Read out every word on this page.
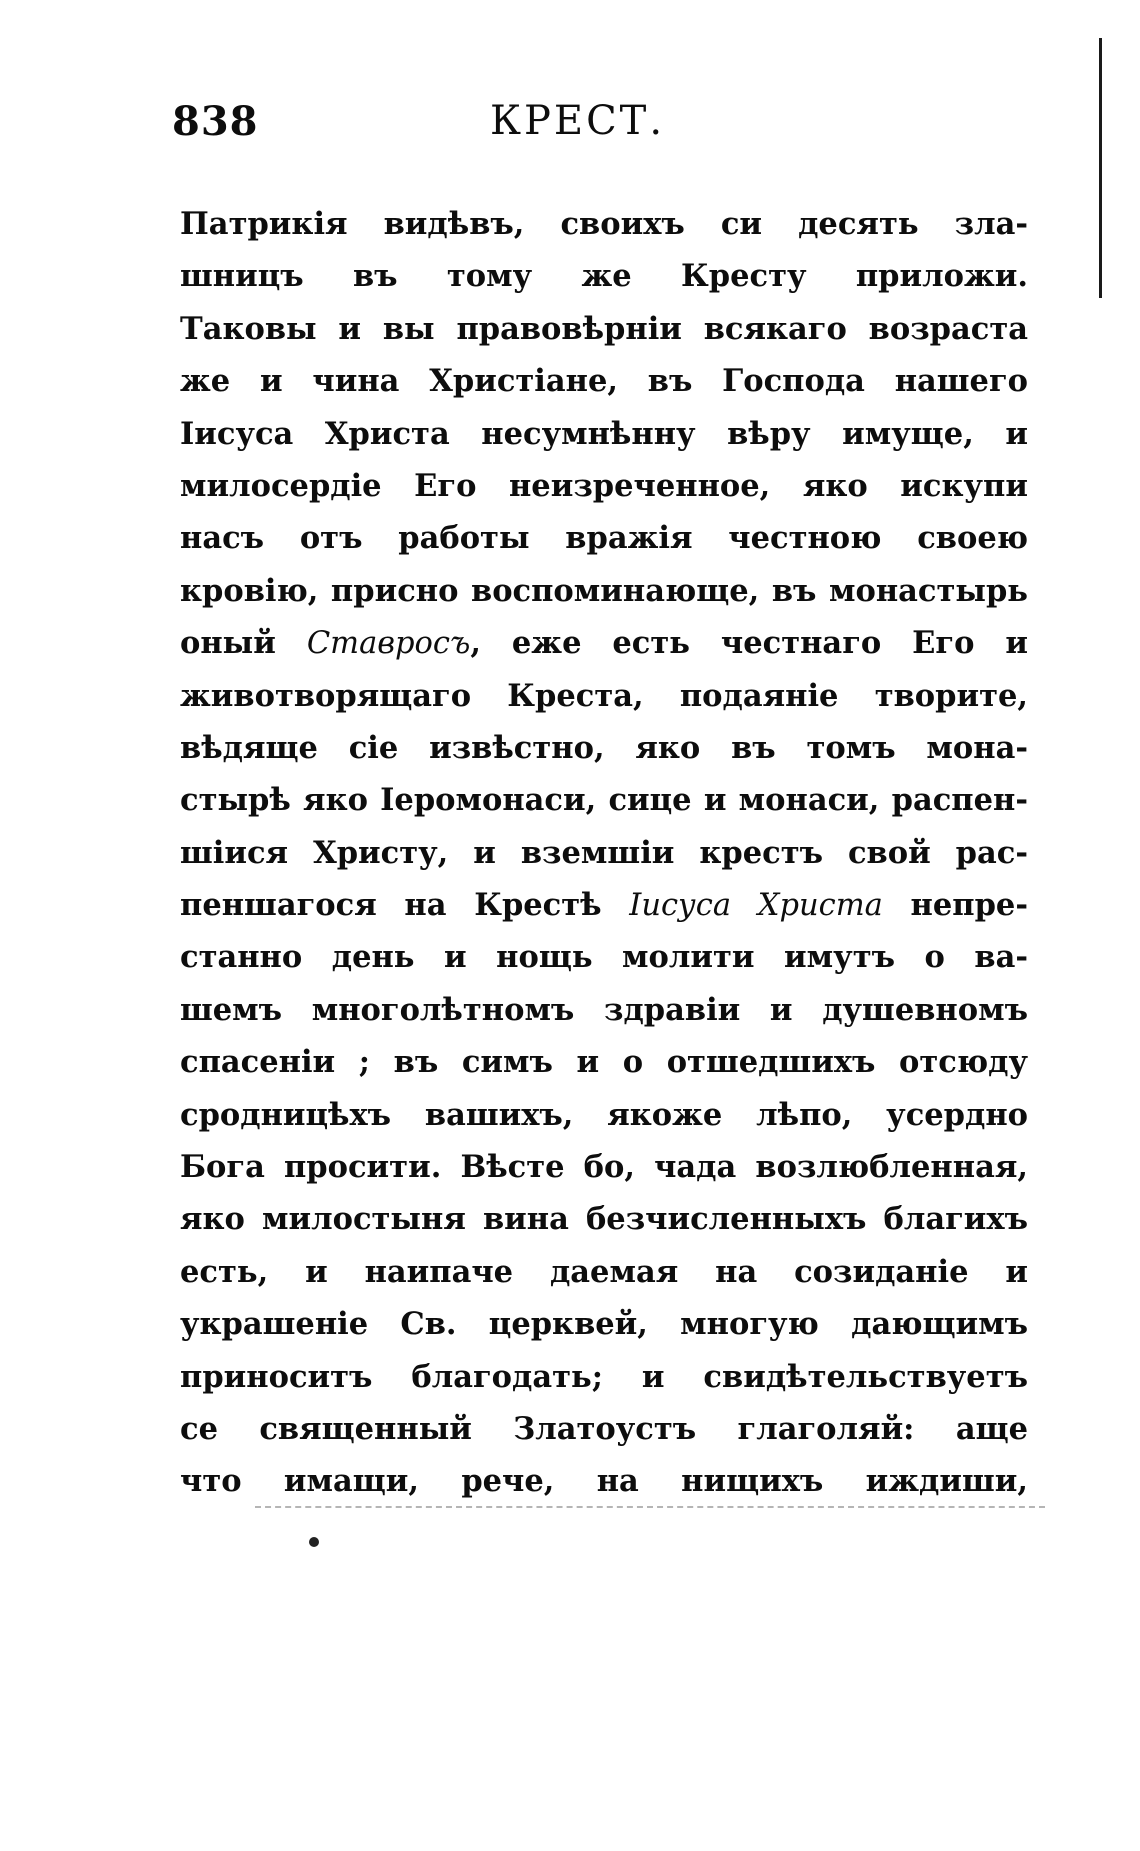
838	КРЕСТ.
Патрикія видѣвъ, своихъ си десять зла-
шницъ въ тому же Кресту приложи.
Таковы и вы правовѣрніи всякаго возраста
же и чина Христіане, въ Господа нашего
Іисуса Христа несумнѣнну вѣру имуще, и
милосердіе Его неизреченное, яко искупи
насъ отъ работы вражія честною своею
кровію, присно воспоминающе, въ монастырь
оный Ставросъ, еже есть честнаго Его и
животворящаго Креста, подаяніе творите,
вѣдяще сіе извѣстно, яко въ томъ мона-
стырѣ яко Іеромонаси, сице и монаси, распен-
шіися Христу, и вземшіи крестъ свой рас-
пеншагося на Крестѣ Іисуса Христа непре-
станно день и нощь молити имутъ о ва-
шемъ многолѣтномъ здравіи и душевномъ
спасеніи ; въ симъ и о отшедшихъ отсюду
сродницѣхъ вашихъ, якоже лѣпо, усердно
Бога просити. Вѣсте бо, чада возлюбленная,
яко милостыня вина безчисленныхъ благихъ
есть, и наипаче даемая на созиданіе и
украшеніе Св. церквей, многую дающимъ
приноситъ благодать; и свидѣтельствуетъ
се священный Златоустъ глаголяй: аще
что имащи, рече, на нищихъ иждиши,
